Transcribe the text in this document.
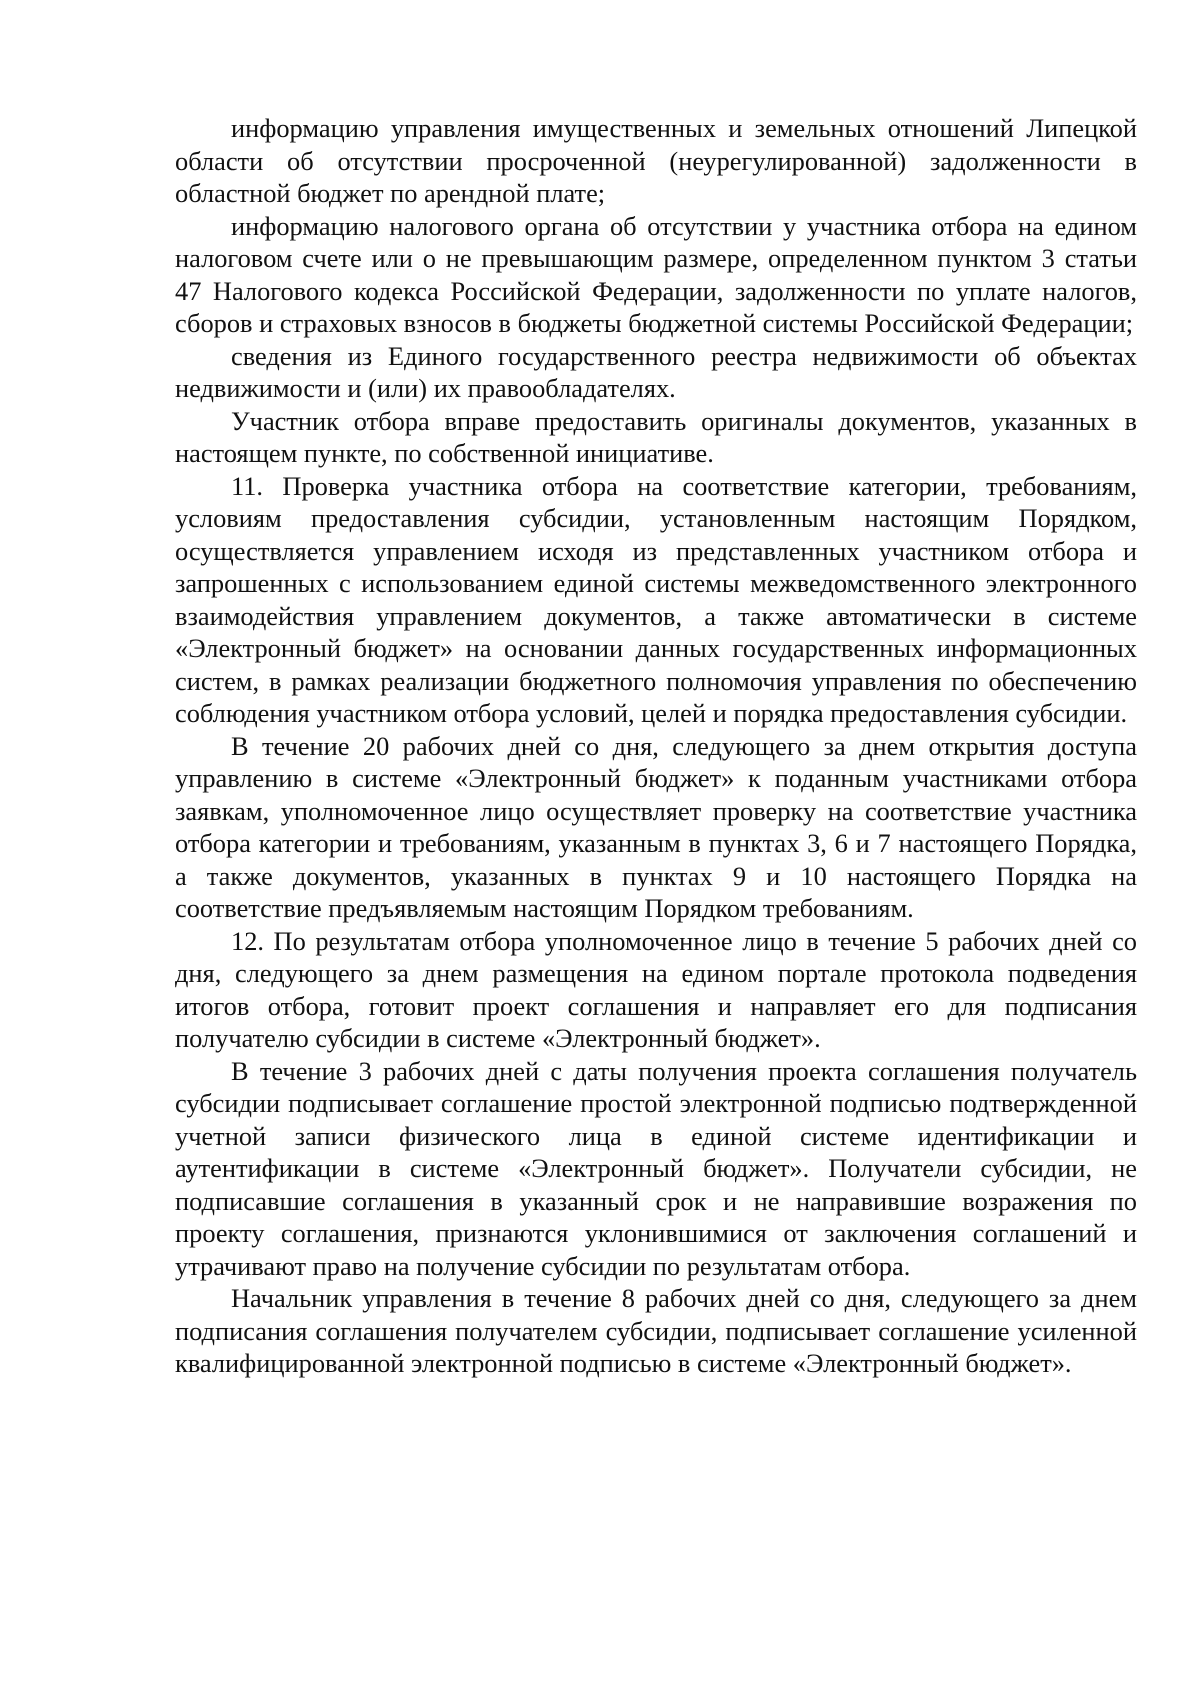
информацию управления имущественных и земельных отношений Липецкой области об отсутствии просроченной (неурегулированной) задолженности в областной бюджет по арендной плате;

информацию налогового органа об отсутствии у участника отбора на едином налоговом счете или о не превышающим размере, определенном пунктом 3 статьи 47 Налогового кодекса Российской Федерации, задолженности по уплате налогов, сборов и страховых взносов в бюджеты бюджетной системы Российской Федерации;

сведения из Единого государственного реестра недвижимости об объектах недвижимости и (или) их правообладателях.

Участник отбора вправе предоставить оригиналы документов, указанных в настоящем пункте, по собственной инициативе.

11. Проверка участника отбора на соответствие категории, требованиям, условиям предоставления субсидии, установленным настоящим Порядком, осуществляется управлением исходя из представленных участником отбора и запрошенных с использованием единой системы межведомственного электронного взаимодействия управлением документов, а также автоматически в системе «Электронный бюджет» на основании данных государственных информационных систем, в рамках реализации бюджетного полномочия управления по обеспечению соблюдения участником отбора условий, целей и порядка предоставления субсидии.

В течение 20 рабочих дней со дня, следующего за днем открытия доступа управлению в системе «Электронный бюджет» к поданным участниками отбора заявкам, уполномоченное лицо осуществляет проверку на соответствие участника отбора категории и требованиям, указанным в пунктах 3, 6 и 7 настоящего Порядка, а также документов, указанных в пунктах 9 и 10 настоящего Порядка на соответствие предъявляемым настоящим Порядком требованиям.

12. По результатам отбора уполномоченное лицо в течение 5 рабочих дней со дня, следующего за днем размещения на едином портале протокола подведения итогов отбора, готовит проект соглашения и направляет его для подписания получателю субсидии в системе «Электронный бюджет».

В течение 3 рабочих дней с даты получения проекта соглашения получатель субсидии подписывает соглашение простой электронной подписью подтвержденной учетной записи физического лица в единой системе идентификации и аутентификации в системе «Электронный бюджет». Получатели субсидии, не подписавшие соглашения в указанный срок и не направившие возражения по проекту соглашения, признаются уклонившимися от заключения соглашений и утрачивают право на получение субсидии по результатам отбора.

Начальник управления в течение 8 рабочих дней со дня, следующего за днем подписания соглашения получателем субсидии, подписывает соглашение усиленной квалифицированной электронной подписью в системе «Электронный бюджет».
